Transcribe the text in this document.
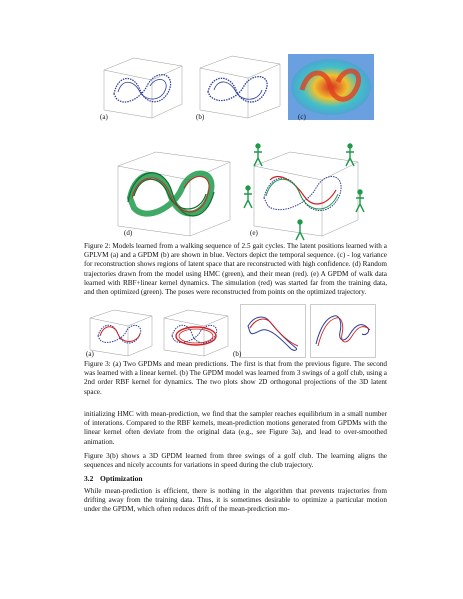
(a)	(b)	(c)
(d)	(e)

Figure 2: Models learned from a walking sequence of 2.5 gait cycles. The latent positions learned with a GPLVM (a) and a GPDM (b) are shown in blue. Vectors depict the temporal sequence. (c) - log variance for reconstruction shows regions of latent space that are reconstructed with high confidence. (d) Random trajectories drawn from the model using HMC (green), and their mean (red). (e) A GPDM of walk data learned with RBF+linear kernel dynamics. The simulation (red) was started far from the training data, and then optimized (green). The poses were reconstructed from points on the optimized trajectory.

(a)	(b)

Figure 3: (a) Two GPDMs and mean predictions. The first is that from the previous figure. The second was learned with a linear kernel. (b) The GPDM model was learned from 3 swings of a golf club, using a 2nd order RBF kernel for dynamics. The two plots show 2D orthogonal projections of the 3D latent space.

initializing HMC with mean-prediction, we find that the sampler reaches equilibrium in a small number of interations. Compared to the RBF kernels, mean-prediction motions generated from GPDMs with the linear kernel often deviate from the original data (e.g., see Figure 3a), and lead to over-smoothed animation.

Figure 3(b) shows a 3D GPDM learned from three swings of a golf club. The learning aligns the sequences and nicely accounts for variations in speed during the club trajectory.

3.2 Optimization

While mean-prediction is efficient, there is nothing in the algorithm that prevents trajectories from drifting away from the training data. Thus, it is sometimes desirable to optimize a particular motion under the GPDM, which often reduces drift of the mean-prediction mo-
